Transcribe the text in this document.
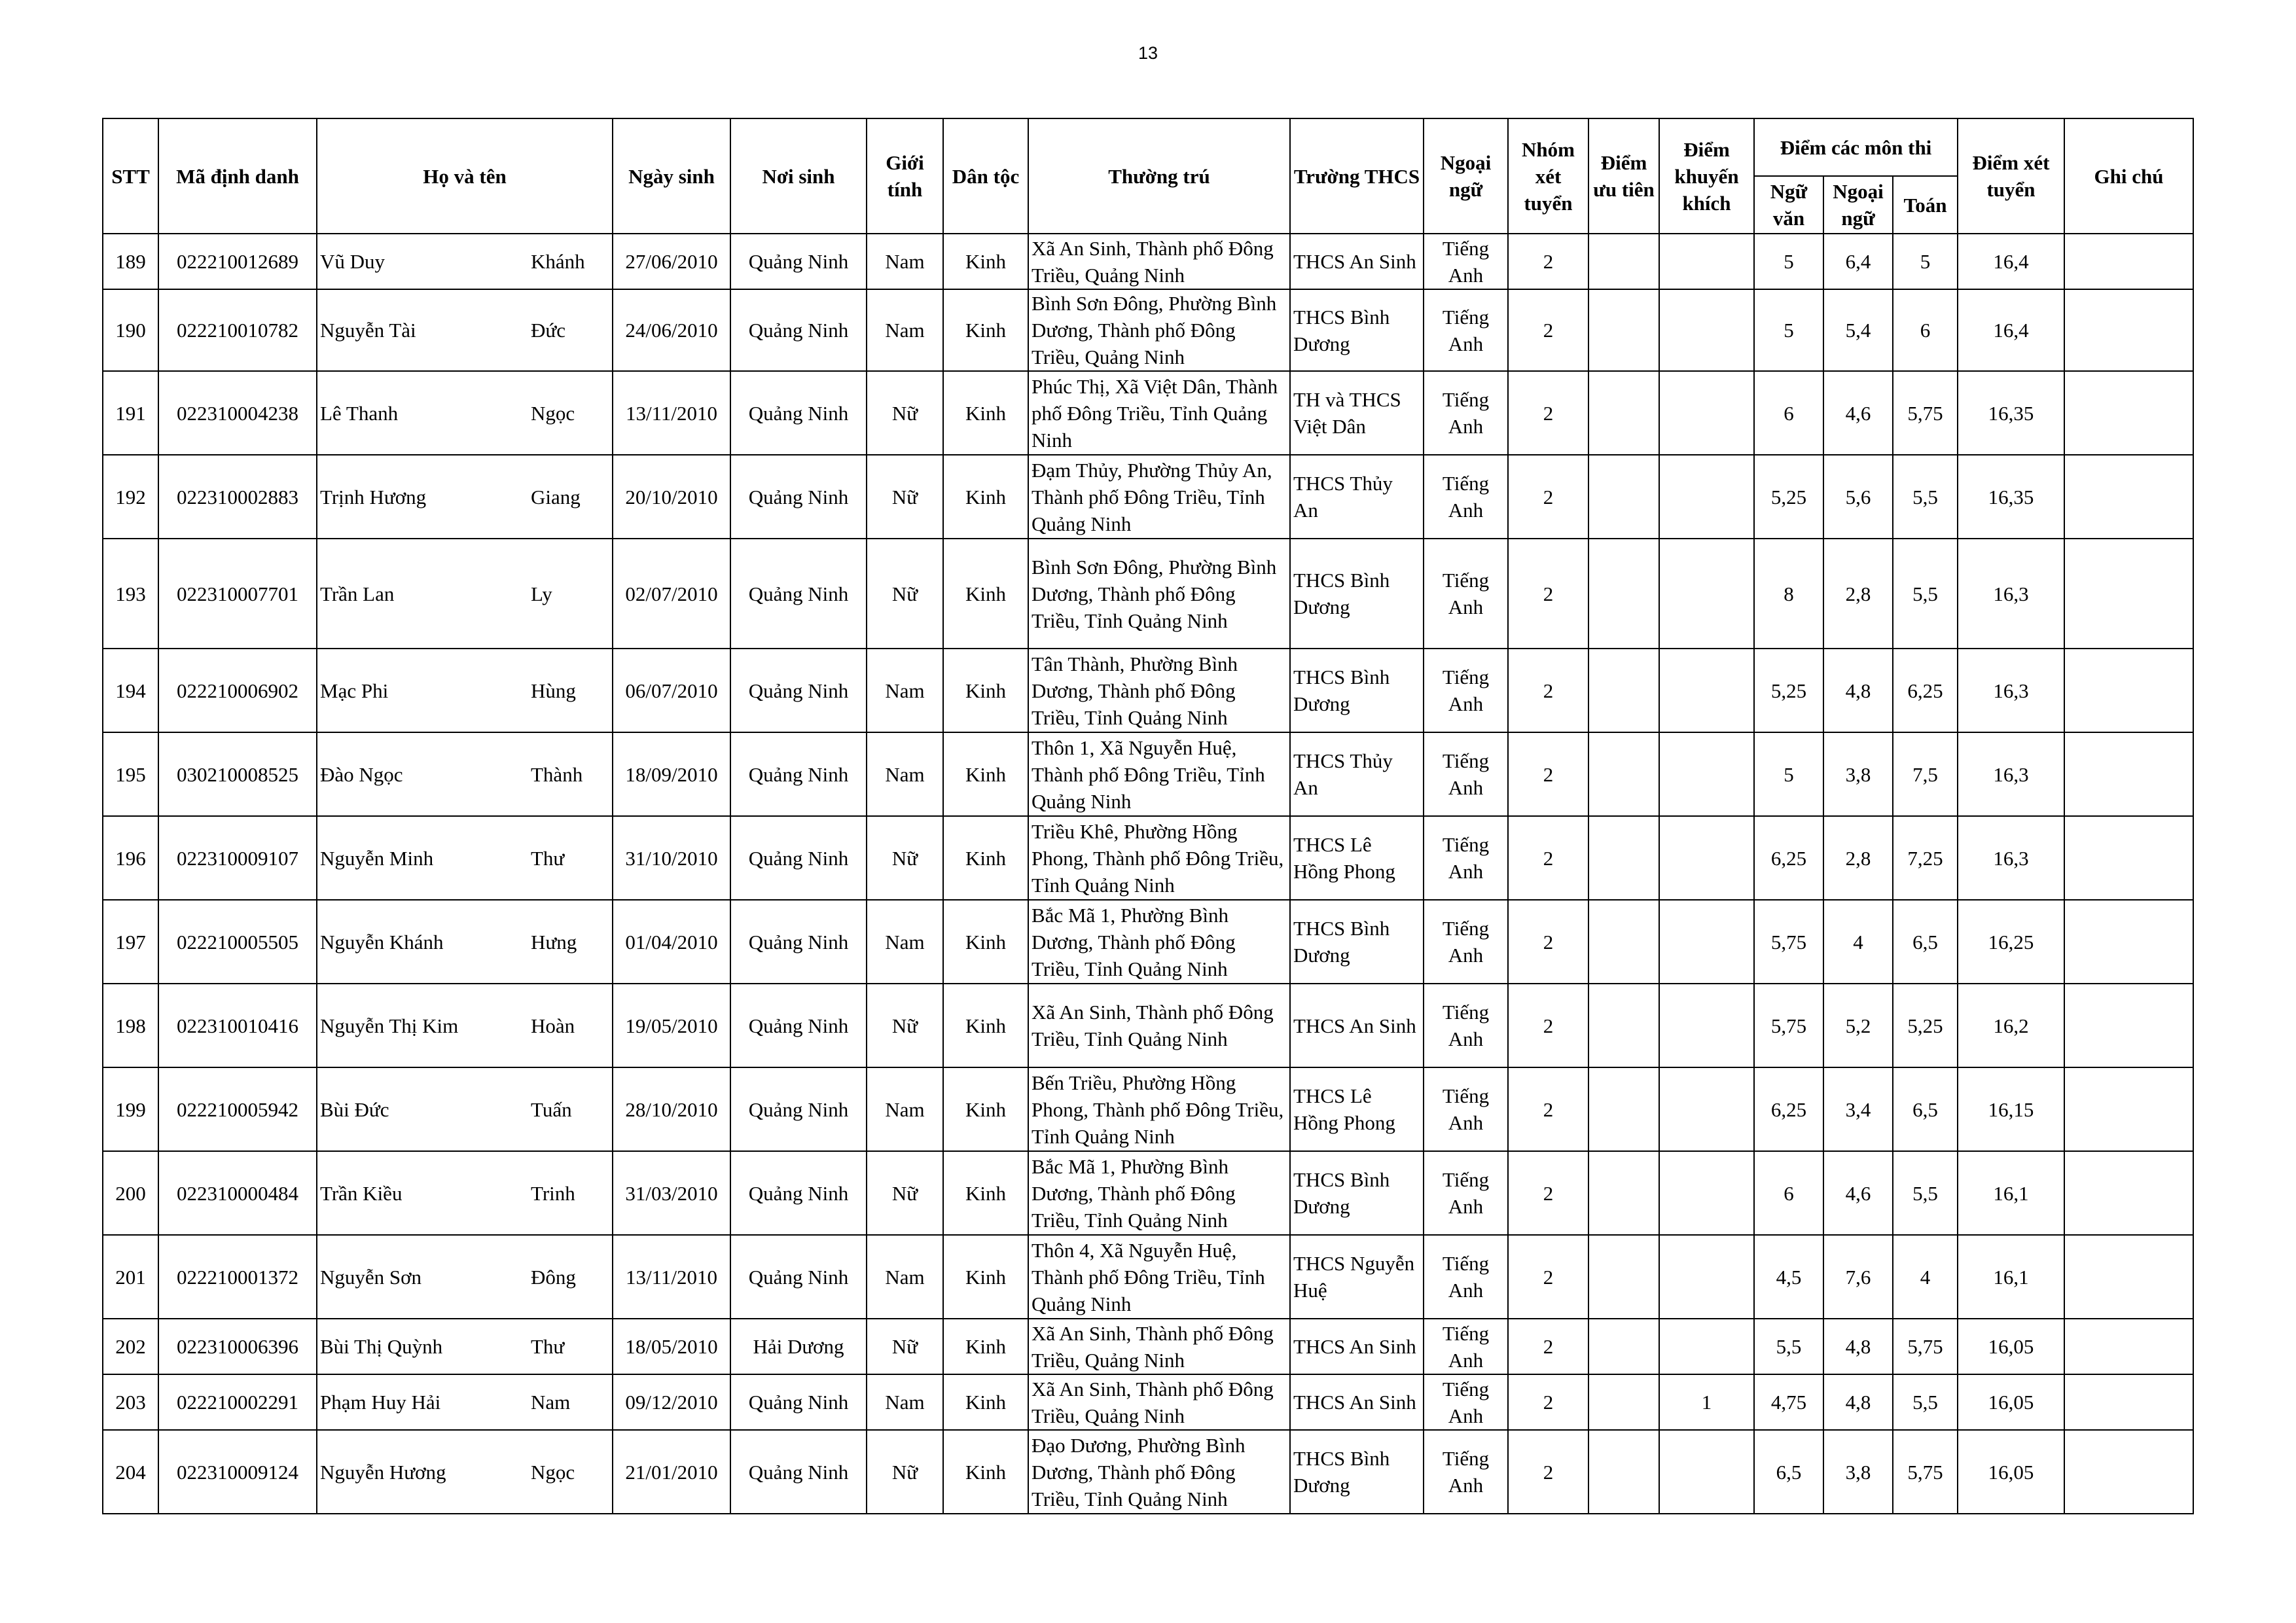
13
STT	Mã định danh	Họ và tên	Ngày sinh	Nơi sinh	Giới tính	Dân tộc	Thường trú	Trường THCS	Ngoại ngữ	Nhóm xét tuyển	Điểm ưu tiên	Điểm khuyến khích	Điểm các môn thi			Điểm xét tuyển	Ghi chú
													Ngữ văn	Ngoại ngữ	Toán		
189	022210012689	Vũ Duy Khánh	27/06/2010	Quảng Ninh	Nam	Kinh	Xã An Sinh, Thành phố Đông Triều, Quảng Ninh	THCS An Sinh	Tiếng Anh	2			5	6,4	5	16,4	
190	022210010782	Nguyễn Tài Đức	24/06/2010	Quảng Ninh	Nam	Kinh	Bình Sơn Đông, Phường Bình Dương, Thành phố Đông Triều, Quảng Ninh	THCS Bình Dương	Tiếng Anh	2			5	5,4	6	16,4	
191	022310004238	Lê Thanh Ngọc	13/11/2010	Quảng Ninh	Nữ	Kinh	Phúc Thị, Xã Việt Dân, Thành phố Đông Triều, Tỉnh Quảng Ninh	TH và THCS Việt Dân	Tiếng Anh	2			6	4,6	5,75	16,35	
192	022310002883	Trịnh Hương Giang	20/10/2010	Quảng Ninh	Nữ	Kinh	Đạm Thủy, Phường Thủy An, Thành phố Đông Triều, Tỉnh Quảng Ninh	THCS Thủy An	Tiếng Anh	2			5,25	5,6	5,5	16,35	
193	022310007701	Trần Lan Ly	02/07/2010	Quảng Ninh	Nữ	Kinh	Bình Sơn Đông, Phường Bình Dương, Thành phố Đông Triều, Tỉnh Quảng Ninh	THCS Bình Dương	Tiếng Anh	2			8	2,8	5,5	16,3	
194	022210006902	Mạc Phi Hùng	06/07/2010	Quảng Ninh	Nam	Kinh	Tân Thành, Phường Bình Dương, Thành phố Đông Triều, Tỉnh Quảng Ninh	THCS Bình Dương	Tiếng Anh	2			5,25	4,8	6,25	16,3	
195	030210008525	Đào Ngọc Thành	18/09/2010	Quảng Ninh	Nam	Kinh	Thôn 1, Xã Nguyễn Huệ, Thành phố Đông Triều, Tỉnh Quảng Ninh	THCS Thủy An	Tiếng Anh	2			5	3,8	7,5	16,3	
196	022310009107	Nguyễn Minh Thư	31/10/2010	Quảng Ninh	Nữ	Kinh	Triều Khê, Phường Hồng Phong, Thành phố Đông Triều, Tỉnh Quảng Ninh	THCS Lê Hồng Phong	Tiếng Anh	2			6,25	2,8	7,25	16,3	
197	022210005505	Nguyễn Khánh Hưng	01/04/2010	Quảng Ninh	Nam	Kinh	Bắc Mã 1, Phường Bình Dương, Thành phố Đông Triều, Tỉnh Quảng Ninh	THCS Bình Dương	Tiếng Anh	2			5,75	4	6,5	16,25	
198	022310010416	Nguyễn Thị Kim Hoàn	19/05/2010	Quảng Ninh	Nữ	Kinh	Xã An Sinh, Thành phố Đông Triều, Tỉnh Quảng Ninh	THCS An Sinh	Tiếng Anh	2			5,75	5,2	5,25	16,2	
199	022210005942	Bùi Đức Tuấn	28/10/2010	Quảng Ninh	Nam	Kinh	Bến Triều, Phường Hồng Phong, Thành phố Đông Triều, Tỉnh Quảng Ninh	THCS Lê Hồng Phong	Tiếng Anh	2			6,25	3,4	6,5	16,15	
200	022310000484	Trần Kiều Trinh	31/03/2010	Quảng Ninh	Nữ	Kinh	Bắc Mã 1, Phường Bình Dương, Thành phố Đông Triều, Tỉnh Quảng Ninh	THCS Bình Dương	Tiếng Anh	2			6	4,6	5,5	16,1	
201	022210001372	Nguyễn Sơn Đông	13/11/2010	Quảng Ninh	Nam	Kinh	Thôn 4, Xã Nguyễn Huệ, Thành phố Đông Triều, Tỉnh Quảng Ninh	THCS Nguyễn Huệ	Tiếng Anh	2			4,5	7,6	4	16,1	
202	022310006396	Bùi Thị Quỳnh Thư	18/05/2010	Hải Dương	Nữ	Kinh	Xã An Sinh, Thành phố Đông Triều, Quảng Ninh	THCS An Sinh	Tiếng Anh	2			5,5	4,8	5,75	16,05	
203	022210002291	Phạm Huy Hải Nam	09/12/2010	Quảng Ninh	Nam	Kinh	Xã An Sinh, Thành phố Đông Triều, Quảng Ninh	THCS An Sinh	Tiếng Anh	2		1	4,75	4,8	5,5	16,05	
204	022310009124	Nguyễn Hương Ngọc	21/01/2010	Quảng Ninh	Nữ	Kinh	Đạo Dương, Phường Bình Dương, Thành phố Đông Triều, Tỉnh Quảng Ninh	THCS Bình Dương	Tiếng Anh	2			6,5	3,8	5,75	16,05	
